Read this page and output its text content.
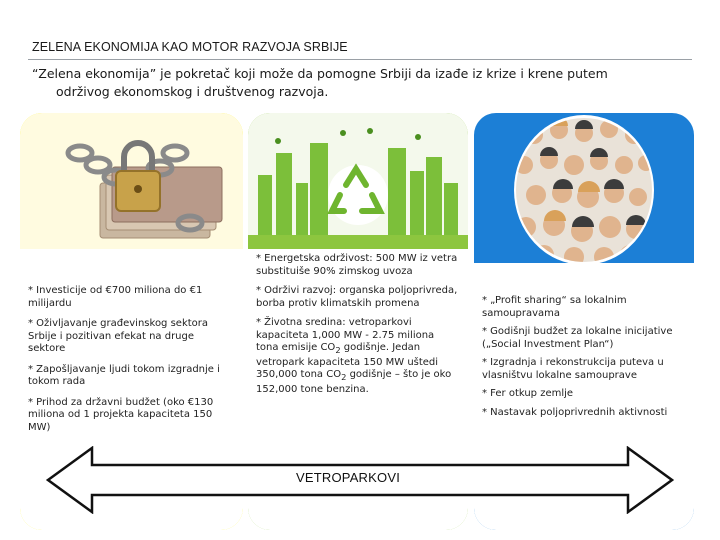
ZELENA EKONOMIJA KAO MOTOR RAZVOJA SRBIJE
“Zelena ekonomija” je pokretač koji može da pomogne Srbiji da izađe iz krize i krene putem
održivog ekonomskog i društvenog razvoja.

* Investicije od €700 miliona do €1 milijardu

* Oživljavanje građevinskog sektora Srbije i pozitivan efekat na druge sektore

* Zapošljavanje ljudi tokom izgradnje i tokom rada

* Prihod za državni budžet (oko €130 miliona od 1 projekta kapaciteta 150 MW)

* Energetska održivost: 500 MW iz vetra substituiše 90% zimskog uvoza

* Održivi razvoj: organska poljoprivreda, borba protiv klimatskih promena

* Životna sredina: vetroparkovi kapaciteta 1,000 MW - 2.75 miliona tona emisije $CO_2$ godišnje. Jedan vetropark kapaciteta 150 MW uštedi 350,000 tona $CO_2$ godišnje – što je oko 152,000 tone benzina.

* „Profit sharing“ sa lokalnim samoupravama

* Godišnji budžet za lokalne inicijative („Social Investment Plan“)

* Izgradnja i rekonstrukcija puteva u vlasništvu lokalne samouprave

* Fer otkup zemlje

* Nastavak poljoprivrednih aktivnosti

VETROPARKOVI
